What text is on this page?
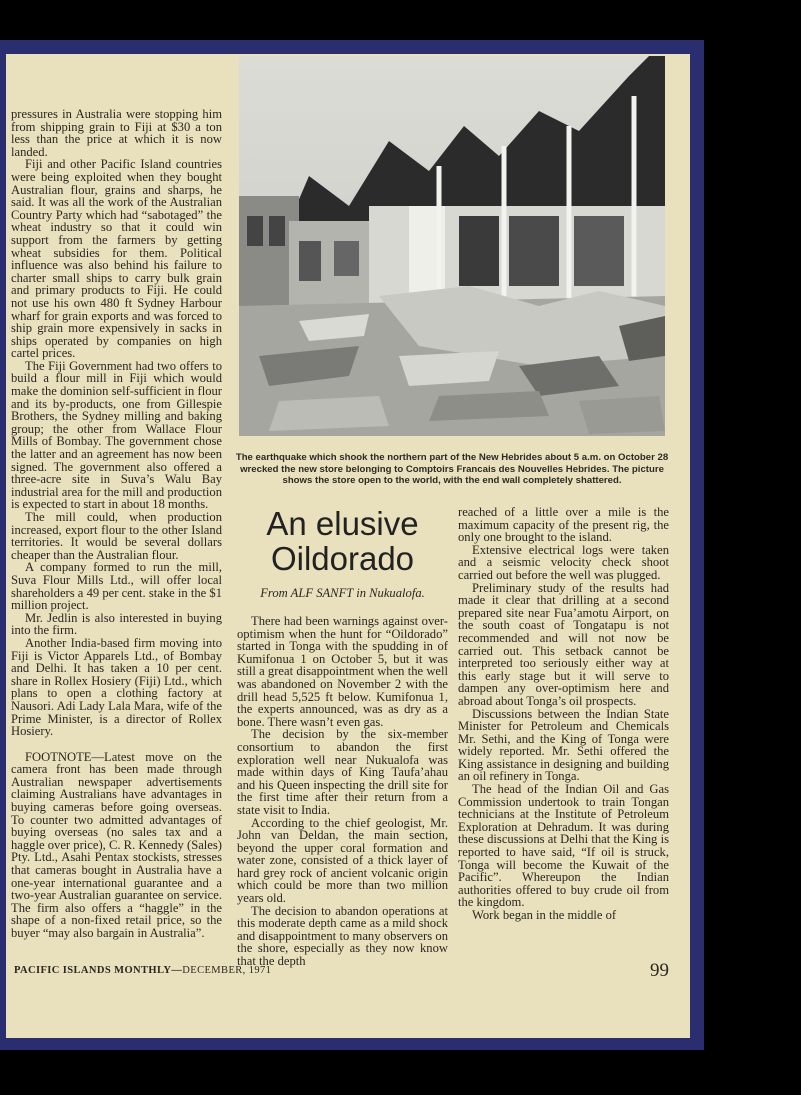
pressures in Australia were stopping him from shipping grain to Fiji at $30 a ton less than the price at which it is now landed.

Fiji and other Pacific Island countries were being exploited when they bought Australian flour, grains and sharps, he said. It was all the work of the Australian Country Party which had “sabotaged” the wheat industry so that it could win support from the farmers by getting wheat subsidies for them. Political influence was also behind his failure to charter small ships to carry bulk grain and primary products to Fiji. He could not use his own 480 ft Sydney Harbour wharf for grain exports and was forced to ship grain more expensively in sacks in ships operated by companies on high cartel prices.

The Fiji Government had two offers to build a flour mill in Fiji which would make the dominion self-sufficient in flour and its by-products, one from Gillespie Brothers, the Sydney milling and baking group; the other from Wallace Flour Mills of Bombay. The government chose the latter and an agreement has now been signed. The government also offered a three-acre site in Suva’s Walu Bay industrial area for the mill and production is expected to start in about 18 months.

The mill could, when production increased, export flour to the other Island territories. It would be several dollars cheaper than the Australian flour.

A company formed to run the mill, Suva Flour Mills Ltd., will offer local shareholders a 49 per cent. stake in the $1 million project.

Mr. Jedlin is also interested in buying into the firm.

Another India-based firm moving into Fiji is Victor Apparels Ltd., of Bombay and Delhi. It has taken a 10 per cent. share in Rollex Hosiery (Fiji) Ltd., which plans to open a clothing factory at Nausori. Adi Lady Lala Mara, wife of the Prime Minister, is a director of Rollex Hosiery.

FOOTNOTE—Latest move on the camera front has been made through Australian newspaper advertisements claiming Australians have advantages in buying cameras before going overseas. To counter two admitted advantages of buying overseas (no sales tax and a haggle over price), C. R. Kennedy (Sales) Pty. Ltd., Asahi Pentax stockists, stresses that cameras bought in Australia have a one-year international guarantee and a two-year Australian guarantee on service. The firm also offers a “haggle” in the shape of a non-fixed retail price, so the buyer “may also bargain in Australia”.

The earthquake which shook the northern part of the New Hebrides about 5 a.m. on October 28 wrecked the new store belonging to Comptoirs Francais des Nouvelles Hebrides. The picture shows the store open to the world, with the end wall completely shattered.
An elusive
Oildorado
From ALF SANFT in Nukualofa.

There had been warnings against over-optimism when the hunt for “Oildorado” started in Tonga with the spudding in of Kumifonua 1 on October 5, but it was still a great disappointment when the well was abandoned on November 2 with the drill head 5,525 ft below. Kumifonua 1, the experts announced, was as dry as a bone. There wasn’t even gas.

The decision by the six-member consortium to abandon the first exploration well near Nukualofa was made within days of King Taufa’ahau and his Queen inspecting the drill site for the first time after their return from a state visit to India.

According to the chief geologist, Mr. John van Deldan, the main section, beyond the upper coral formation and water zone, consisted of a thick layer of hard grey rock of ancient volcanic origin which could be more than two million years old.

The decision to abandon operations at this moderate depth came as a mild shock and disappointment to many observers on the shore, especially as they now know that the depth

reached of a little over a mile is the maximum capacity of the present rig, the only one brought to the island.

Extensive electrical logs were taken and a seismic velocity check shoot carried out before the well was plugged.

Preliminary study of the results had made it clear that drilling at a second prepared site near Fua’amotu Airport, on the south coast of Tongatapu is not recommended and will not now be carried out. This setback cannot be interpreted too seriously either way at this early stage but it will serve to dampen any over-optimism here and abroad about Tonga’s oil prospects.

Discussions between the Indian State Minister for Petroleum and Chemicals Mr. Sethi, and the King of Tonga were widely reported. Mr. Sethi offered the King assistance in designing and building an oil refinery in Tonga.

The head of the Indian Oil and Gas Commission undertook to train Tongan technicians at the Institute of Petroleum Exploration at Dehradum. It was during these discussions at Delhi that the King is reported to have said, “If oil is struck, Tonga will become the Kuwait of the Pacific”. Whereupon the Indian authorities offered to buy crude oil from the kingdom.

Work began in the middle of

PACIFIC ISLANDS MONTHLY—DECEMBER, 1971	99
